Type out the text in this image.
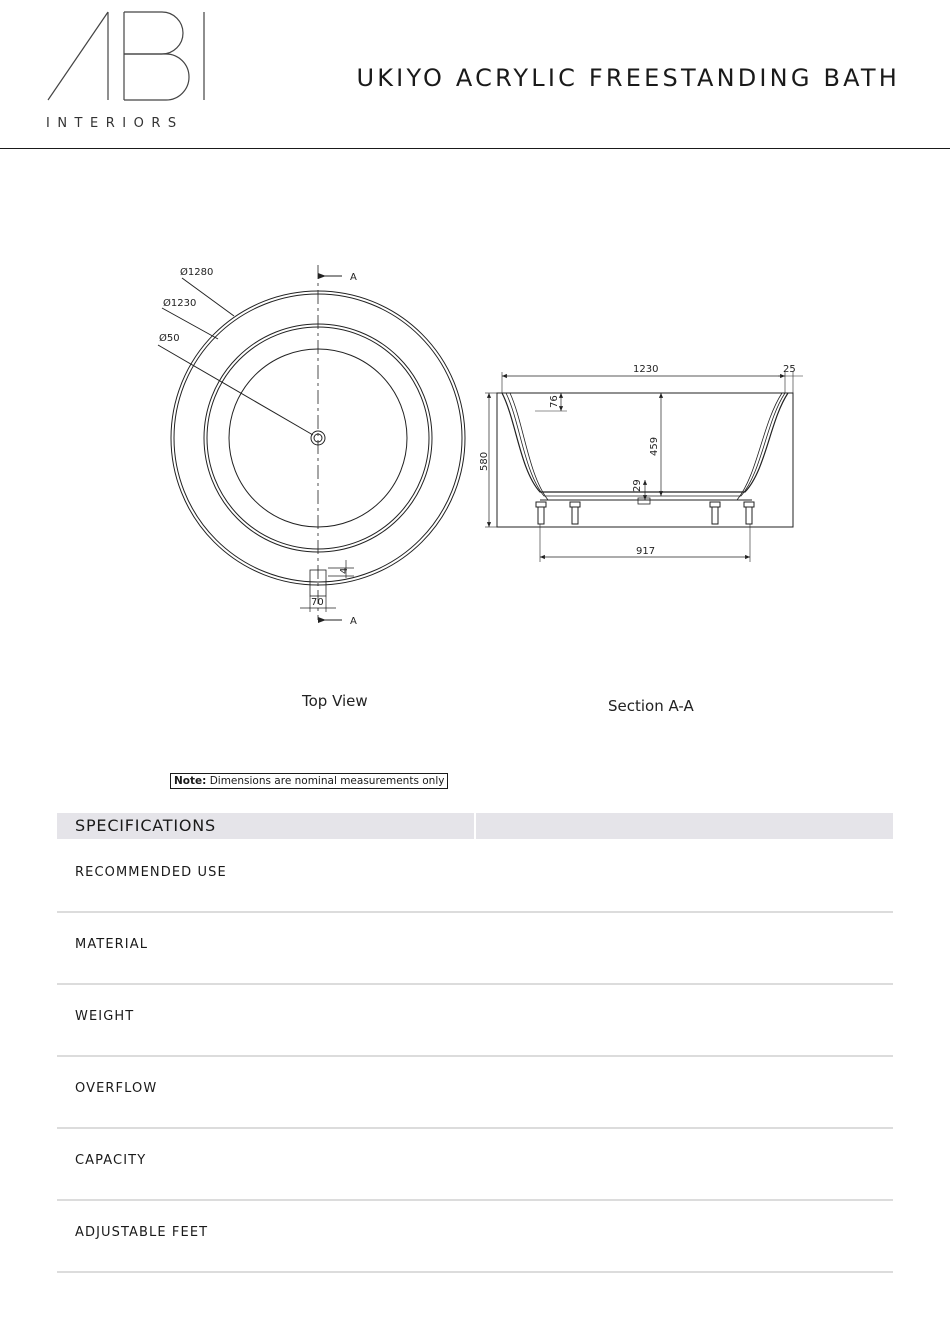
INTERIORS
UKIYO ACRYLIC FREESTANDING BATH
A
A
Ø1280
Ø1230
Ø50
70
4
1230	25
580
459
76
29
917
Top View	Section A-A
Note: Dimensions are nominal measurements only
SPECIFICATIONS
RECOMMENDED USE
MATERIAL
WEIGHT
OVERFLOW
CAPACITY
ADJUSTABLE FEET
